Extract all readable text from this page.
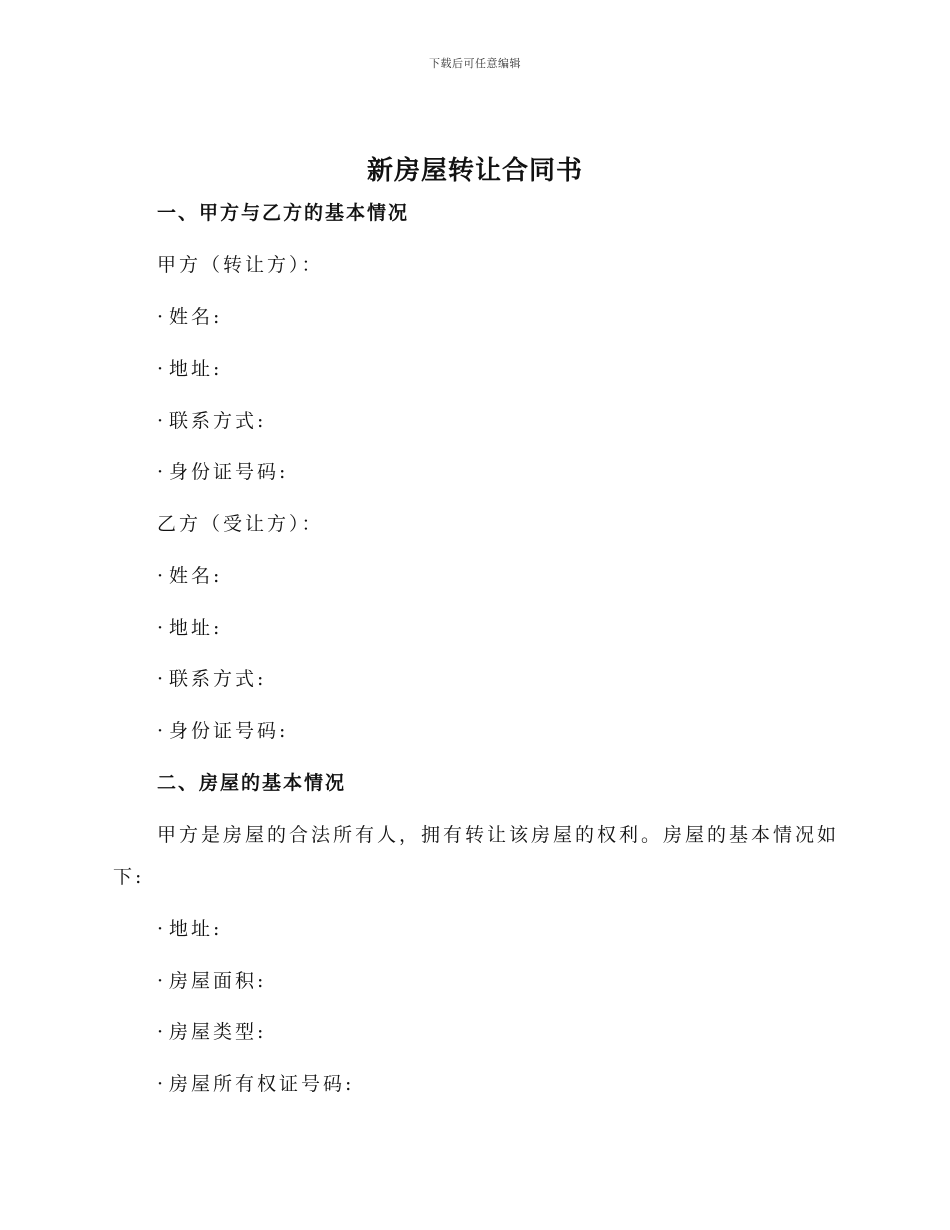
下载后可任意编辑
新房屋转让合同书
一、甲方与乙方的基本情况
甲方（转让方）：
· 姓名:
· 地址:
· 联系方式:
· 身份证号码:
乙方（受让方）：
· 姓名:
· 地址:
· 联系方式:
· 身份证号码:
二、房屋的基本情况
甲方是房屋的合法所有人，拥有转让该房屋的权利。房屋的基本情况如
下:
· 地址:
· 房屋面积:
· 房屋类型:
· 房屋所有权证号码:
